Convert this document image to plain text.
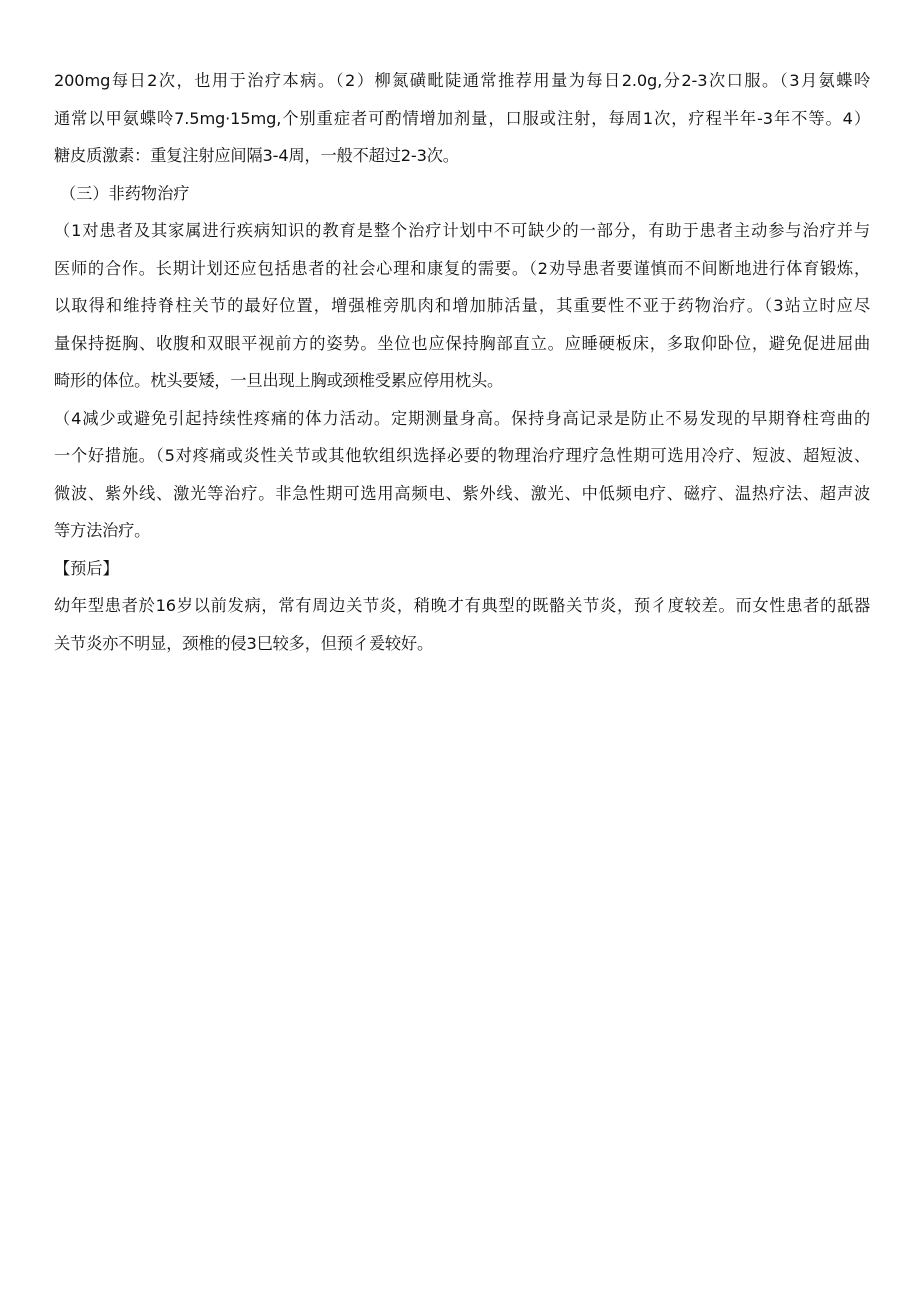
200mg每日2次，也用于治疗本病。（2）柳氮磺毗陡通常推荐用量为每日2.0g,分2-3次口服。（3月氨蝶呤
通常以甲氨蝶呤7.5mg·15mg,个别重症者可酌情增加剂量，口服或注射，每周1次，疗程半年-3年不等。4）
糖皮质激素：重复注射应间隔3-4周，一般不超过2-3次。
（三）非药物治疗
（1对患者及其家属进行疾病知识的教育是整个治疗计划中不可缺少的一部分，有助于患者主动参与治疗并与
医师的合作。长期计划还应包括患者的社会心理和康复的需要。（2劝导患者要谨慎而不间断地进行体育锻炼，
以取得和维持脊柱关节的最好位置，增强椎旁肌肉和增加肺活量，其重要性不亚于药物治疗。（3站立时应尽
量保持挺胸、收腹和双眼平视前方的姿势。坐位也应保持胸部直立。应睡硬板床，多取仰卧位，避免促进屈曲
畸形的体位。枕头要矮，一旦出现上胸或颈椎受累应停用枕头。
（4减少或避免引起持续性疼痛的体力活动。定期测量身高。保持身高记录是防止不易发现的早期脊柱弯曲的
一个好措施。（5对疼痛或炎性关节或其他软组织选择必要的物理治疗理疗急性期可选用冷疗、短波、超短波、
微波、紫外线、激光等治疗。非急性期可选用高频电、紫外线、激光、中低频电疗、磁疗、温热疗法、超声波
等方法治疗。
【预后】
幼年型患者於16岁以前发病，常有周边关节炎，稍晚才有典型的既骼关节炎，预彳度较差。而女性患者的舐器
关节炎亦不明显，颈椎的侵3巳较多，但预彳爰较好。
